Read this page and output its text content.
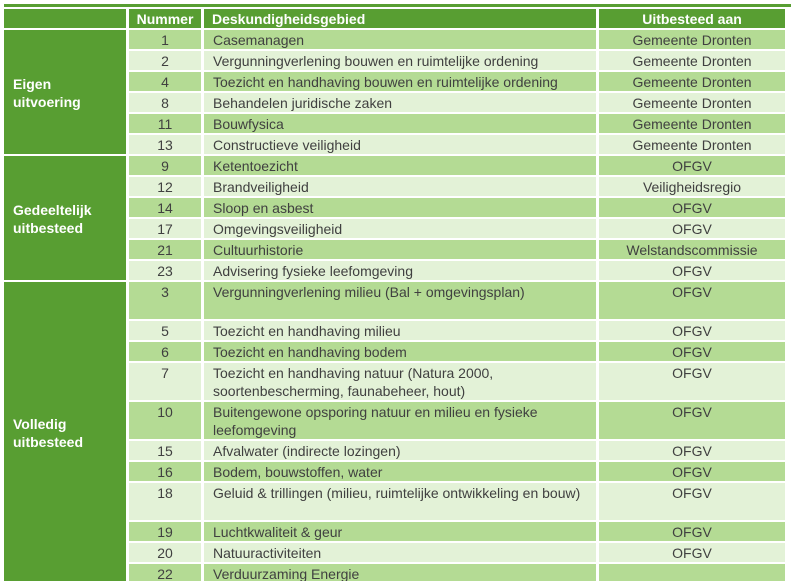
	Nummer	Deskundigheidsgebied	Uitbesteed aan
Eigen uitvoering	1	Casemanagen	Gemeente Dronten
	2	Vergunningverlening bouwen en ruimtelijke ordening	Gemeente Dronten
	4	Toezicht en handhaving bouwen en ruimtelijke ordening	Gemeente Dronten
	8	Behandelen juridische zaken	Gemeente Dronten
	11	Bouwfysica	Gemeente Dronten
	13	Constructieve veiligheid	Gemeente Dronten
Gedeeltelijk uitbesteed	9	Ketentoezicht	OFGV
	12	Brandveiligheid	Veiligheidsregio
	14	Sloop en asbest	OFGV
	17	Omgevingsveiligheid	OFGV
	21	Cultuurhistorie	Welstandscommissie
	23	Advisering fysieke leefomgeving	OFGV
Volledig uitbesteed	3	Vergunningverlening milieu (Bal + omgevingsplan)	OFGV
	5	Toezicht en handhaving milieu	OFGV
	6	Toezicht en handhaving bodem	OFGV
	7	Toezicht en handhaving natuur (Natura 2000, soortenbescherming, faunabeheer, hout)	OFGV
	10	Buitengewone opsporing natuur en milieu en fysieke leefomgeving	OFGV
	15	Afvalwater (indirecte lozingen)	OFGV
	16	Bodem, bouwstoffen, water	OFGV
	18	Geluid & trillingen (milieu, ruimtelijke ontwikkeling en bouw)	OFGV
	19	Luchtkwaliteit & geur	OFGV
	20	Natuuractiviteiten	OFGV
	22	Verduurzaming Energie	
